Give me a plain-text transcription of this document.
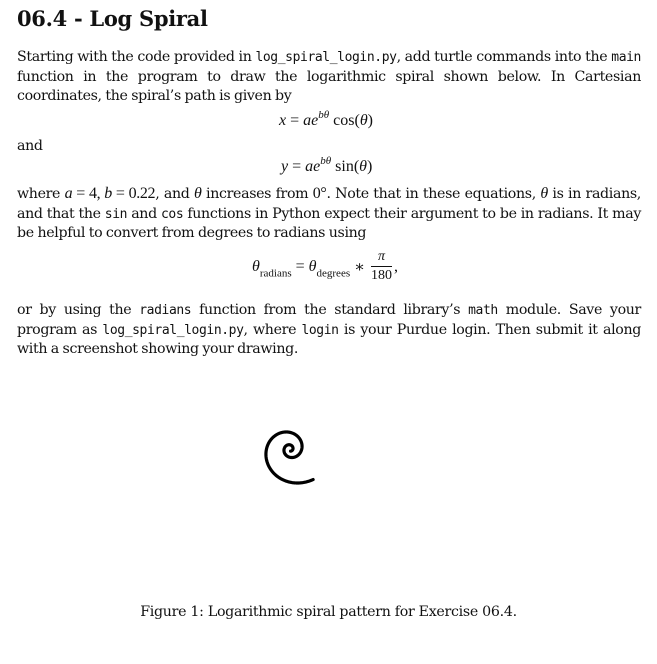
06.4 - Log Spiral

Starting with the code provided in log_spiral_login.py, add turtle commands into the main function in the program to draw the logarithmic spiral shown below. In Cartesian coordinates, the spiral’s path is given by

$x = ae^{b\theta}$ cos(θ)

and

$y = ae^{b\theta}$ sin(θ)

where a = 4, b = 0.22, and θ increases from 0°. Note that in these equations, θ is in radians, and that the sin and cos functions in Python expect their argument to be in radians. It may be helpful to convert from degrees to radians using

$\theta_{radians} = \theta_{degrees}$ ∗ $\frac{\pi}{180}$ ,

or by using the radians function from the standard library’s math module. Save your program as log_spiral_login.py, where login is your Purdue login. Then submit it along with a screenshot showing your drawing.

Figure 1: Logarithmic spiral pattern for Exercise 06.4.
